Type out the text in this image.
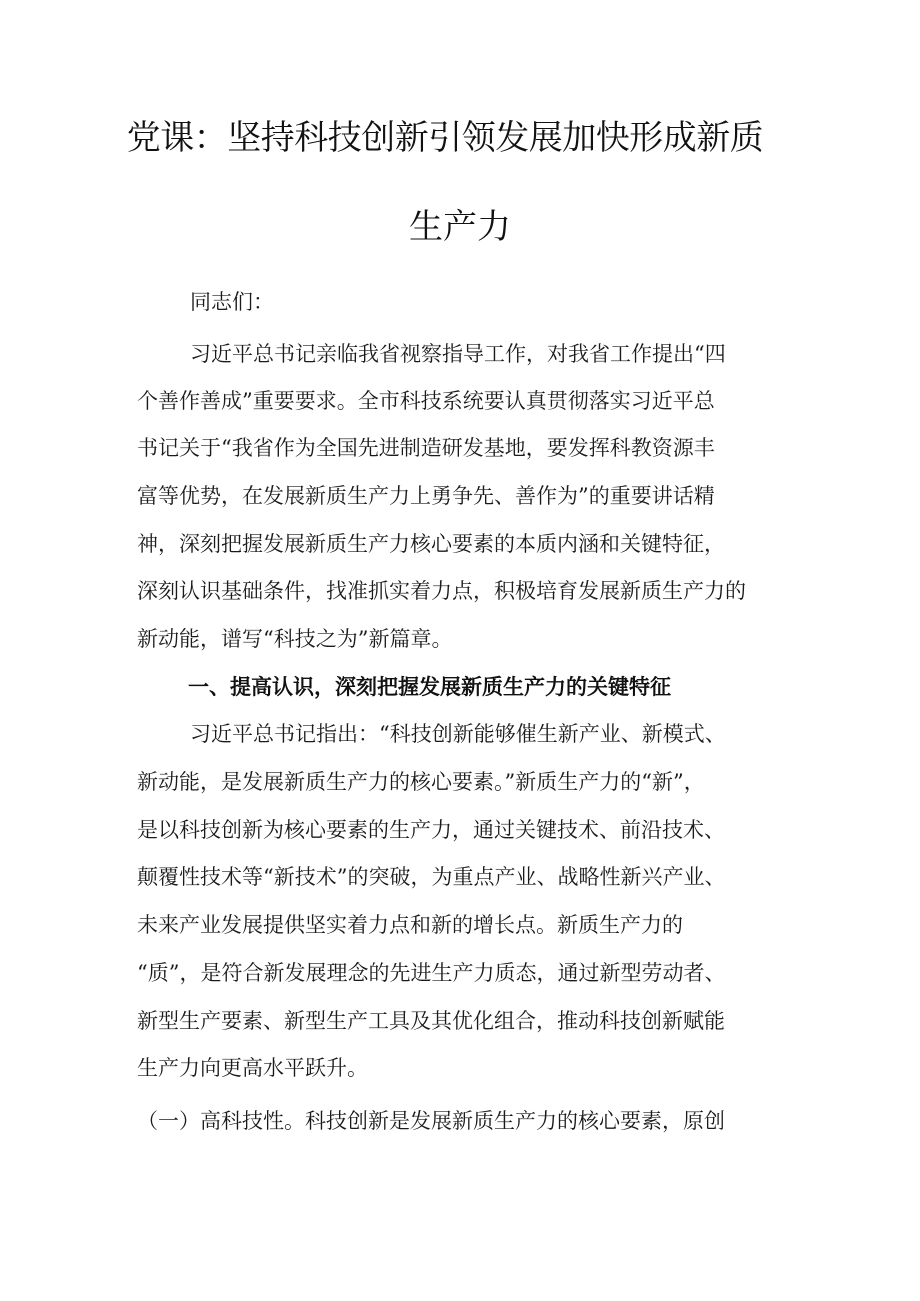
党课：坚持科技创新引领发展加快形成新质
生产力
同志们：
习近平总书记亲临我省视察指导工作，对我省工作提出“四
个善作善成”重要要求。全市科技系统要认真贯彻落实习近平总
书记关于“我省作为全国先进制造研发基地，要发挥科教资源丰
富等优势，在发展新质生产力上勇争先、善作为”的重要讲话精
神，深刻把握发展新质生产力核心要素的本质内涵和关键特征，
深刻认识基础条件，找准抓实着力点，积极培育发展新质生产力的
新动能，谱写“科技之为”新篇章。
一、提高认识，深刻把握发展新质生产力的关键特征
习近平总书记指出：“科技创新能够催生新产业、新模式、
新动能，是发展新质生产力的核心要素。”新质生产力的“新”，
是以科技创新为核心要素的生产力，通过关键技术、前沿技术、
颠覆性技术等“新技术”的突破，为重点产业、战略性新兴产业、
未来产业发展提供坚实着力点和新的增长点。新质生产力的
“质”，是符合新发展理念的先进生产力质态，通过新型劳动者、
新型生产要素、新型生产工具及其优化组合，推动科技创新赋能
生产力向更高水平跃升。
（一）高科技性。科技创新是发展新质生产力的核心要素，原创
